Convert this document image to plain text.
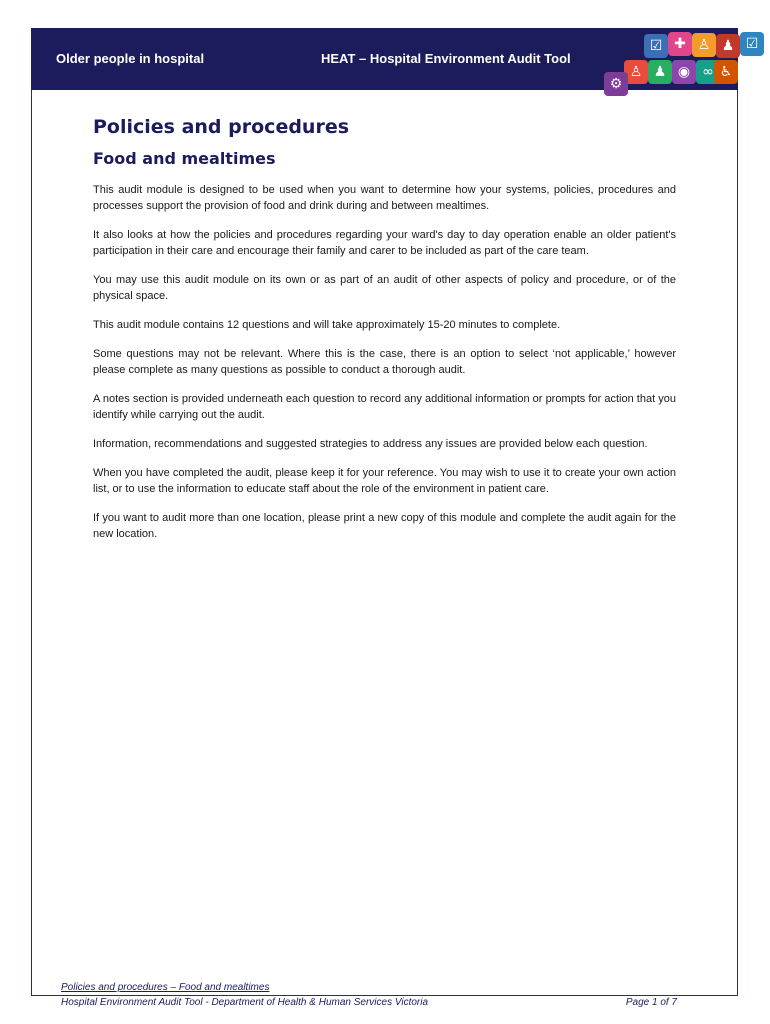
Older people in hospital	HEAT – Hospital Environment Audit Tool
☑ ✚ ♙ ♟ ☑
♙ ♟ ◉ ∞ ♿
⚙
Policies and procedures
Food and mealtimes

This audit module is designed to be used when you want to determine how your systems, policies, procedures and processes support the provision of food and drink during and between mealtimes.

It also looks at how the policies and procedures regarding your ward's day to day operation enable an older patient's participation in their care and encourage their family and carer to be included as part of the care team.

You may use this audit module on its own or as part of an audit of other aspects of policy and procedure, or of the physical space.

This audit module contains 12 questions and will take approximately 15-20 minutes to complete.

Some questions may not be relevant. Where this is the case, there is an option to select ‘not applicable,’ however please complete as many questions as possible to conduct a thorough audit.

A notes section is provided underneath each question to record any additional information or prompts for action that you identify while carrying out the audit.

Information, recommendations and suggested strategies to address any issues are provided below each question.

When you have completed the audit, please keep it for your reference. You may wish to use it to create your own action list, or to use the information to educate staff about the role of the environment in patient care.

If you want to audit more than one location, please print a new copy of this module and complete the audit again for the new location.

Policies and procedures – Food and mealtimes
Hospital Environment Audit Tool - Department of Health & Human Services Victoria	Page 1 of 7
